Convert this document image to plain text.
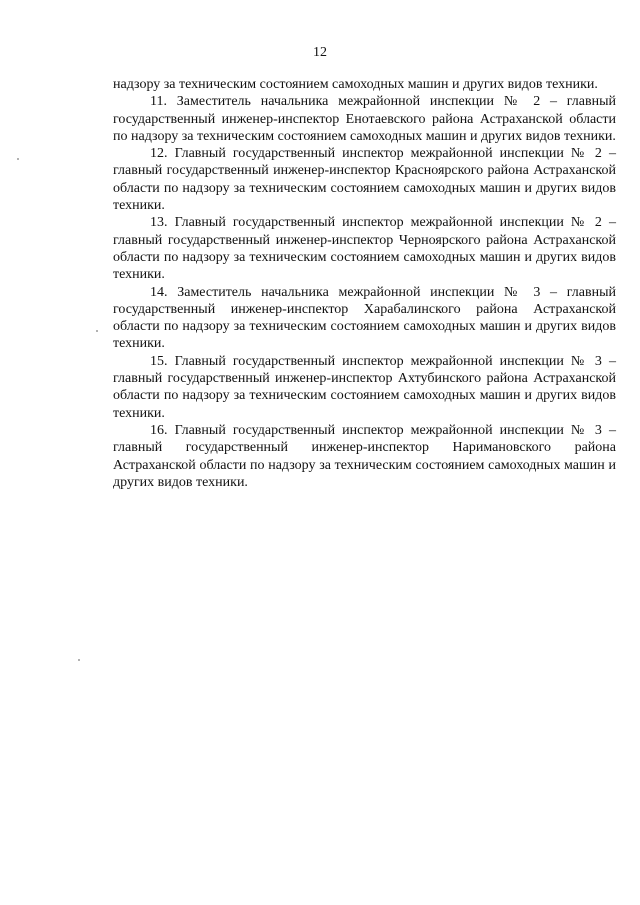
12

надзору за техническим состоянием самоходных машин и других видов техники.

11. Заместитель начальника межрайонной инспекции № 2 – главный государственный инженер-инспектор Енотаевского района Астраханской области по надзору за техническим состоянием самоходных машин и других видов техники.

12. Главный государственный инспектор межрайонной инспекции № 2 – главный государственный инженер-инспектор Красноярского района Астраханской области по надзору за техническим состоянием самоходных машин и других видов техники.

13. Главный государственный инспектор межрайонной инспекции № 2 – главный государственный инженер-инспектор Черноярского района Астраханской области по надзору за техническим состоянием самоходных машин и других видов техники.

14. Заместитель начальника межрайонной инспекции № 3 – главный государственный инженер-инспектор Харабалинского района Астраханской области по надзору за техническим состоянием самоходных машин и других видов техники.

15. Главный государственный инспектор межрайонной инспекции № 3 – главный государственный инженер-инспектор Ахтубинского района Астраханской области по надзору за техническим состоянием самоходных машин и других видов техники.

16. Главный государственный инспектор межрайонной инспекции № 3 – главный государственный инженер-инспектор Наримановского района Астраханской области по надзору за техническим состоянием самоходных машин и других видов техники.
